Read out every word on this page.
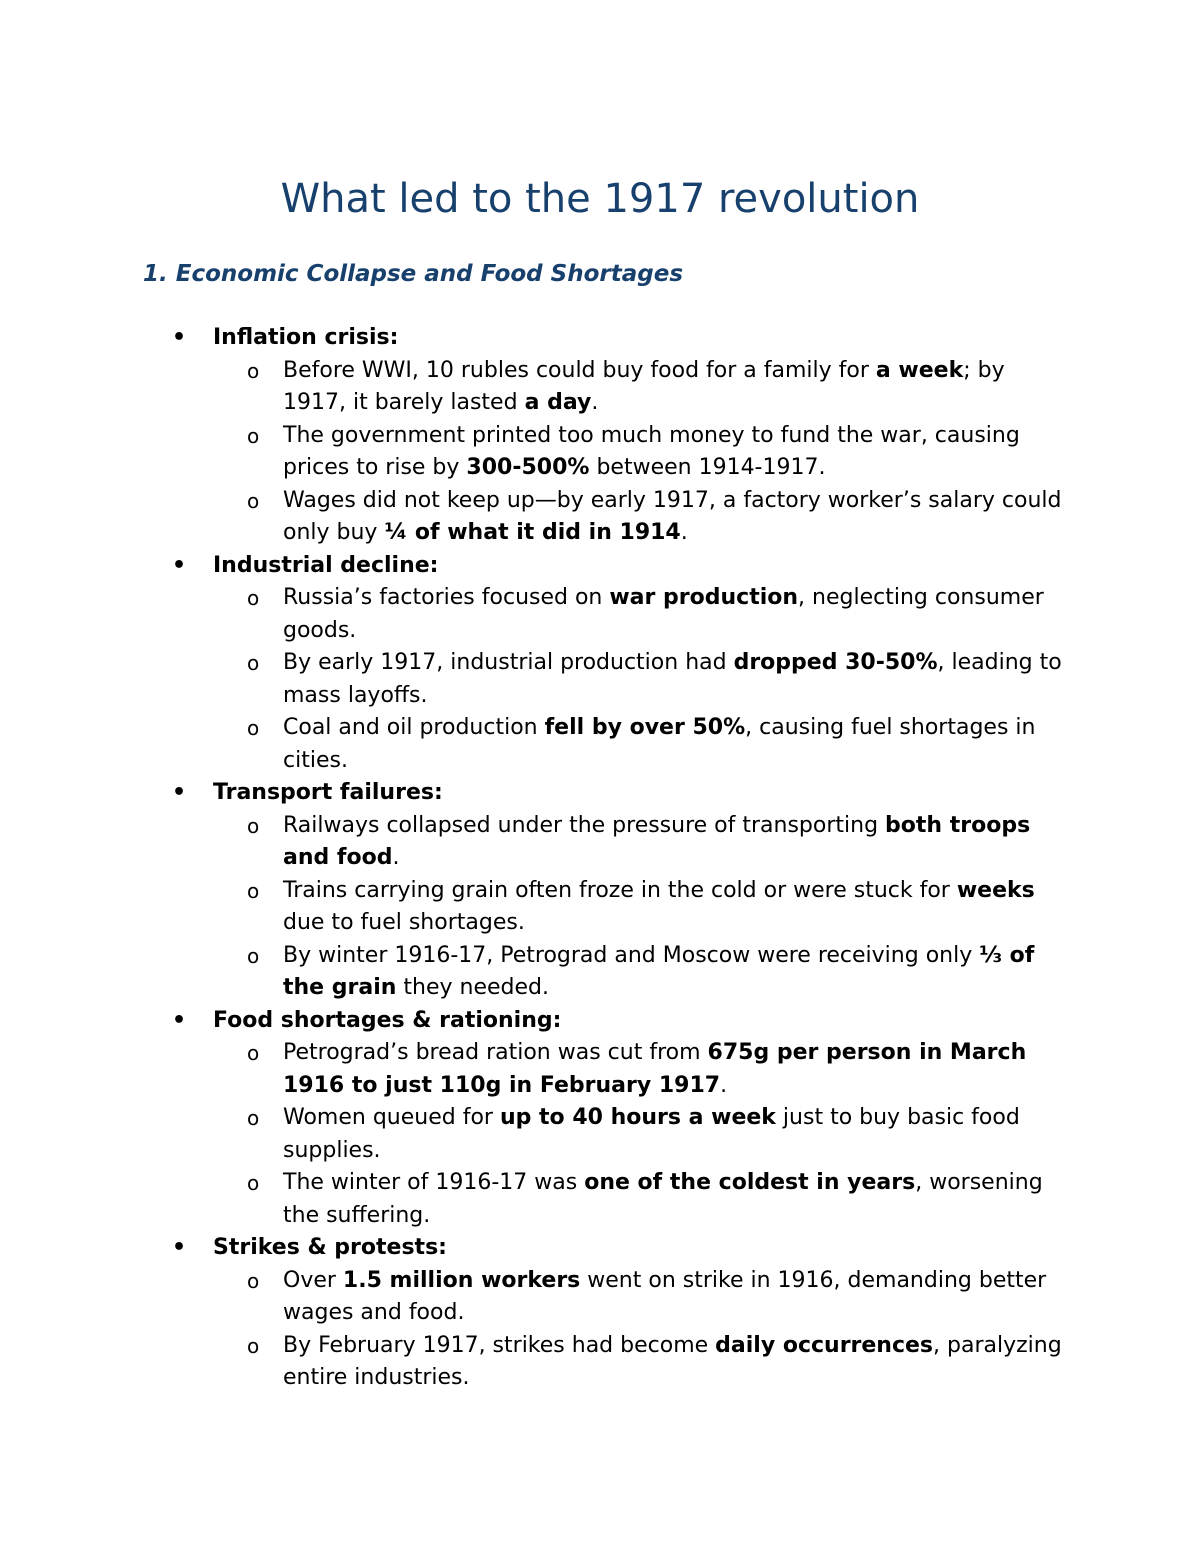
What led to the 1917 revolution
1. Economic Collapse and Food Shortages
• Inflation crisis:
o Before WWI, 10 rubles could buy food for a family for a week; by 1917, it barely lasted a day.
o The government printed too much money to fund the war, causing prices to rise by 300-500% between 1914-1917.
o Wages did not keep up—by early 1917, a factory worker’s salary could only buy ¼ of what it did in 1914.
• Industrial decline:
o Russia’s factories focused on war production, neglecting consumer goods.
o By early 1917, industrial production had dropped 30-50%, leading to mass layoffs.
o Coal and oil production fell by over 50%, causing fuel shortages in cities.
• Transport failures:
o Railways collapsed under the pressure of transporting both troops and food.
o Trains carrying grain often froze in the cold or were stuck for weeks due to fuel shortages.
o By winter 1916-17, Petrograd and Moscow were receiving only ⅓ of the grain they needed.
• Food shortages & rationing:
o Petrograd’s bread ration was cut from 675g per person in March 1916 to just 110g in February 1917.
o Women queued for up to 40 hours a week just to buy basic food supplies.
o The winter of 1916-17 was one of the coldest in years, worsening the suffering.
• Strikes & protests:
o Over 1.5 million workers went on strike in 1916, demanding better wages and food.
o By February 1917, strikes had become daily occurrences, paralyzing entire industries.
